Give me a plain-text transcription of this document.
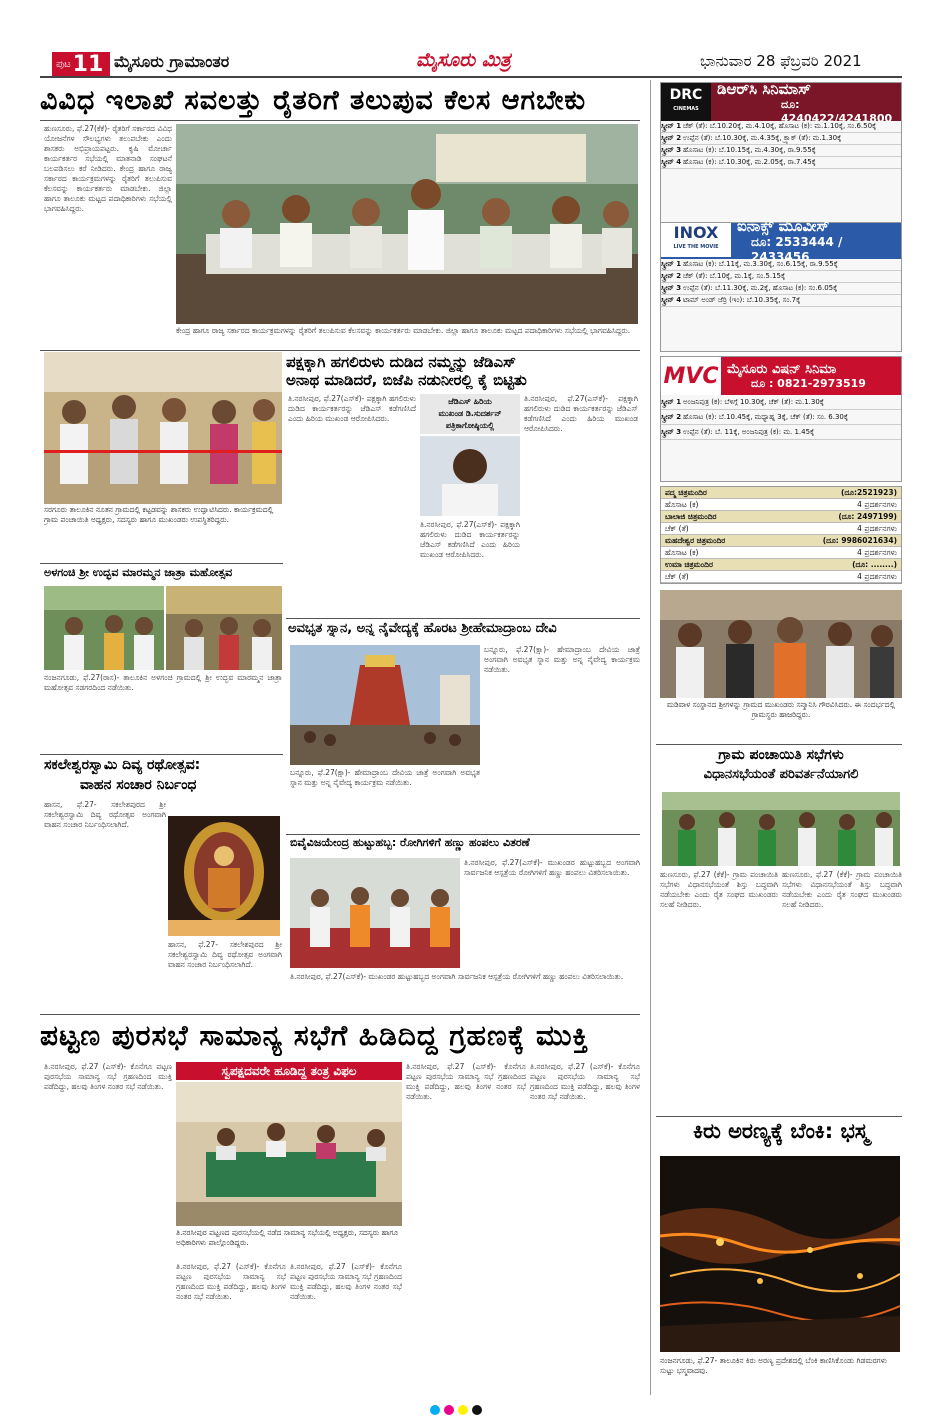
ಪುಟ 11 ಮೈಸೂರು ಗ್ರಾಮಾಂತರ	ಮೈಸೂರು ಮಿತ್ರ	ಭಾನುವಾರ 28 ಫೆಬ್ರವರಿ 2021
ವಿವಿಧ ಇಲಾಖೆ ಸವಲತ್ತು ರೈತರಿಗೆ ತಲುಪುವ ಕೆಲಸ ಆಗಬೇಕು
ಹುಣಸೂರು, ಫೆ.27(ಕೆಕೆ)- ರೈತರಿಗೆ ಸರ್ಕಾರದ ವಿವಿಧ ಯೋಜನೆಗಳ ಸೌಲಭ್ಯಗಳು ತಲುಪಬೇಕು ಎಂದು ಶಾಸಕರು ಅಭಿಪ್ರಾಯಪಟ್ಟರು. ಕೃಷಿ ಮೋರ್ಚಾ ಕಾರ್ಯಕರ್ತರ ಸಭೆಯಲ್ಲಿ ಮಾತನಾಡಿ ಸಂಘಟನೆ ಬಲಪಡಿಸಲು ಕರೆ ನೀಡಿದರು. ಕೇಂದ್ರ ಹಾಗೂ ರಾಜ್ಯ ಸರ್ಕಾರದ ಕಾರ್ಯಕ್ರಮಗಳನ್ನು ರೈತರಿಗೆ ತಲುಪಿಸುವ ಕೆಲಸವನ್ನು ಕಾರ್ಯಕರ್ತರು ಮಾಡಬೇಕು. ಜಿಲ್ಲಾ ಹಾಗೂ ತಾಲೂಕು ಮಟ್ಟದ ಪದಾಧಿಕಾರಿಗಳು ಸಭೆಯಲ್ಲಿ ಭಾಗವಹಿಸಿದ್ದರು.
ಕೇಂದ್ರ ಹಾಗೂ ರಾಜ್ಯ ಸರ್ಕಾರದ ಕಾರ್ಯಕ್ರಮಗಳನ್ನು ರೈತರಿಗೆ ತಲುಪಿಸುವ ಕೆಲಸವನ್ನು ಕಾರ್ಯಕರ್ತರು ಮಾಡಬೇಕು. ಜಿಲ್ಲಾ ಹಾಗೂ ತಾಲೂಕು ಮಟ್ಟದ ಪದಾಧಿಕಾರಿಗಳು ಸಭೆಯಲ್ಲಿ ಭಾಗವಹಿಸಿದ್ದರು.
ಸರಗೂರು ತಾಲೂಕಿನ ನೂತನ ಗ್ರಾಮದಲ್ಲಿ ಕಟ್ಟಡವನ್ನು ಶಾಸಕರು ಉದ್ಘಾಟಿಸಿದರು. ಕಾರ್ಯಕ್ರಮದಲ್ಲಿ ಗ್ರಾಮ ಪಂಚಾಯಿತಿ ಅಧ್ಯಕ್ಷರು, ಸದಸ್ಯರು ಹಾಗೂ ಮುಖಂಡರು ಉಪಸ್ಥಿತರಿದ್ದರು.
ಪಕ್ಷಕ್ಕಾಗಿ ಹಗಲಿರುಳು ದುಡಿದ ನಮ್ಮನ್ನು ಜೆಡಿಎಸ್
ಅನಾಥ ಮಾಡಿದರೆ, ಬಿಜೆಪಿ ನಡುನೀರಲ್ಲಿ ಕೈ ಬಿಟ್ಟಿತು
ತಿ.ನರಸೀಪುರ, ಫೆ.27(ಎಸ್‌ಕೆ)- ಪಕ್ಷಕ್ಕಾಗಿ ಹಗಲಿರುಳು ದುಡಿದ ಕಾರ್ಯಕರ್ತರನ್ನು ಜೆಡಿಎಸ್ ಕಡೆಗಣಿಸಿದೆ ಎಂದು ಹಿರಿಯ ಮುಖಂಡ ಆರೋಪಿಸಿದರು.
ಜೆಡಿಎಸ್ ಹಿರಿಯ
ಮುಖಂಡ ಡಿ.ಸುದರ್ಶನ್
ಪತ್ರಿಕಾಗೋಷ್ಠಿಯಲ್ಲಿ
ತಿ.ನರಸೀಪುರ, ಫೆ.27(ಎಸ್‌ಕೆ)- ಪಕ್ಷಕ್ಕಾಗಿ ಹಗಲಿರುಳು ದುಡಿದ ಕಾರ್ಯಕರ್ತರನ್ನು ಜೆಡಿಎಸ್ ಕಡೆಗಣಿಸಿದೆ ಎಂದು ಹಿರಿಯ ಮುಖಂಡ ಆರೋಪಿಸಿದರು.
ತಿ.ನರಸೀಪುರ, ಫೆ.27(ಎಸ್‌ಕೆ)- ಪಕ್ಷಕ್ಕಾಗಿ ಹಗಲಿರುಳು ದುಡಿದ ಕಾರ್ಯಕರ್ತರನ್ನು ಜೆಡಿಎಸ್ ಕಡೆಗಣಿಸಿದೆ ಎಂದು ಹಿರಿಯ ಮುಖಂಡ ಆರೋಪಿಸಿದರು.
ಅಳಗಂಚಿ ಶ್ರೀ ಉದ್ಭವ ಮಾರಮ್ಮನ ಜಾತ್ರಾ ಮಹೋತ್ಸವ
ನಂಜನಗೂಡು, ಫೆ.27(ರಾಸ)- ತಾಲೂಕಿನ ಅಳಗಂಚಿ ಗ್ರಾಮದಲ್ಲಿ ಶ್ರೀ ಉದ್ಭವ ಮಾರಮ್ಮನ ಜಾತ್ರಾ ಮಹೋತ್ಸವ ಸಡಗರದಿಂದ ನಡೆಯಿತು.
ಸಕಲೇಶ್ವರಸ್ವಾಮಿ ದಿವ್ಯ ರಥೋತ್ಸವ:
ವಾಹನ ಸಂಚಾರ ನಿರ್ಬಂಧ
ಹಾಸನ, ಫೆ.27- ಸಕಲೇಶಪುರದ ಶ್ರೀ ಸಕಲೇಶ್ವರಸ್ವಾಮಿ ದಿವ್ಯ ರಥೋತ್ಸವ ಅಂಗವಾಗಿ ವಾಹನ ಸಂಚಾರ ನಿರ್ಬಂಧಿಸಲಾಗಿದೆ.
ಹಾಸನ, ಫೆ.27- ಸಕಲೇಶಪುರದ ಶ್ರೀ ಸಕಲೇಶ್ವರಸ್ವಾಮಿ ದಿವ್ಯ ರಥೋತ್ಸವ ಅಂಗವಾಗಿ ವಾಹನ ಸಂಚಾರ ನಿರ್ಬಂಧಿಸಲಾಗಿದೆ.
ಅವಭೃತ ಸ್ನಾನ, ಅನ್ನ ನೈವೇದ್ಯಕ್ಕೆ ಹೊರಟ ಶ್ರೀಹೇಮಾದ್ರಾಂಬ ದೇವಿ
ಬನ್ನೂರು, ಫೆ.27(ಕ್ಷಾ)- ಹೇಮಾದ್ರಾಂಬ ದೇವಿಯ ಜಾತ್ರೆ ಅಂಗವಾಗಿ ಅವಭೃತ ಸ್ನಾನ ಮತ್ತು ಅನ್ನ ನೈವೇದ್ಯ ಕಾರ್ಯಕ್ರಮ ನಡೆಯಿತು.
ಬನ್ನೂರು, ಫೆ.27(ಕ್ಷಾ)- ಹೇಮಾದ್ರಾಂಬ ದೇವಿಯ ಜಾತ್ರೆ ಅಂಗವಾಗಿ ಅವಭೃತ ಸ್ನಾನ ಮತ್ತು ಅನ್ನ ನೈವೇದ್ಯ ಕಾರ್ಯಕ್ರಮ ನಡೆಯಿತು.
ಬಿವೈವಿಜಯೇಂದ್ರ ಹುಟ್ಟುಹಬ್ಬ: ರೋಗಿಗಳಿಗೆ ಹಣ್ಣು ಹಂಪಲು ವಿತರಣೆ
ತಿ.ನರಸೀಪುರ, ಫೆ.27(ಎಸ್‌ಕೆ)- ಮುಖಂಡರ ಹುಟ್ಟುಹಬ್ಬದ ಅಂಗವಾಗಿ ಸಾರ್ವಜನಿಕ ಆಸ್ಪತ್ರೆಯ ರೋಗಿಗಳಿಗೆ ಹಣ್ಣು ಹಂಪಲು ವಿತರಿಸಲಾಯಿತು.
ತಿ.ನರಸೀಪುರ, ಫೆ.27(ಎಸ್‌ಕೆ)- ಮುಖಂಡರ ಹುಟ್ಟುಹಬ್ಬದ ಅಂಗವಾಗಿ ಸಾರ್ವಜನಿಕ ಆಸ್ಪತ್ರೆಯ ರೋಗಿಗಳಿಗೆ ಹಣ್ಣು ಹಂಪಲು ವಿತರಿಸಲಾಯಿತು.
ಪಟ್ಟಣ ಪುರಸಭೆ ಸಾಮಾನ್ಯ ಸಭೆಗೆ ಹಿಡಿದಿದ್ದ ಗ್ರಹಣಕ್ಕೆ ಮುಕ್ತಿ
ಸ್ವಪಕ್ಷದವರೇ ಹೂಡಿದ್ದ ತಂತ್ರ ವಿಫಲ
ತಿ.ನರಸೀಪುರ, ಫೆ.27 (ಎಸ್‌ಕೆ)- ಕೊನೆಗೂ ಪಟ್ಟಣ ಪುರಸಭೆಯ ಸಾಮಾನ್ಯ ಸಭೆ ಗ್ರಹಣದಿಂದ ಮುಕ್ತಿ ಪಡೆದಿದ್ದು, ಹಲವು ತಿಂಗಳ ನಂತರ ಸಭೆ ನಡೆಯಿತು.
ತಿ.ನರಸೀಪುರ ಪಟ್ಟಣದ ಪುರಸಭೆಯಲ್ಲಿ ನಡೆದ ಸಾಮಾನ್ಯ ಸಭೆಯಲ್ಲಿ ಅಧ್ಯಕ್ಷರು, ಸದಸ್ಯರು ಹಾಗೂ ಅಧಿಕಾರಿಗಳು ಪಾಲ್ಗೊಂಡಿದ್ದರು.
ತಿ.ನರಸೀಪುರ, ಫೆ.27 (ಎಸ್‌ಕೆ)- ಕೊನೆಗೂ ಪಟ್ಟಣ ಪುರಸಭೆಯ ಸಾಮಾನ್ಯ ಸಭೆ ಗ್ರಹಣದಿಂದ ಮುಕ್ತಿ ಪಡೆದಿದ್ದು, ಹಲವು ತಿಂಗಳ ನಂತರ ಸಭೆ ನಡೆಯಿತು.
ತಿ.ನರಸೀಪುರ, ಫೆ.27 (ಎಸ್‌ಕೆ)- ಕೊನೆಗೂ ಪಟ್ಟಣ ಪುರಸಭೆಯ ಸಾಮಾನ್ಯ ಸಭೆ ಗ್ರಹಣದಿಂದ ಮುಕ್ತಿ ಪಡೆದಿದ್ದು, ಹಲವು ತಿಂಗಳ ನಂತರ ಸಭೆ ನಡೆಯಿತು.
ತಿ.ನರಸೀಪುರ, ಫೆ.27 (ಎಸ್‌ಕೆ)- ಕೊನೆಗೂ ಪಟ್ಟಣ ಪುರಸಭೆಯ ಸಾಮಾನ್ಯ ಸಭೆ ಗ್ರಹಣದಿಂದ ಮುಕ್ತಿ ಪಡೆದಿದ್ದು, ಹಲವು ತಿಂಗಳ ನಂತರ ಸಭೆ ನಡೆಯಿತು.
ತಿ.ನರಸೀಪುರ, ಫೆ.27 (ಎಸ್‌ಕೆ)- ಕೊನೆಗೂ ಪಟ್ಟಣ ಪುರಸಭೆಯ ಸಾಮಾನ್ಯ ಸಭೆ ಗ್ರಹಣದಿಂದ ಮುಕ್ತಿ ಪಡೆದಿದ್ದು, ಹಲವು ತಿಂಗಳ ನಂತರ ಸಭೆ ನಡೆಯಿತು.
DRC
CINEMAS
ಡಿಆರ್‌ಸಿ ಸಿನಿಮಾಸ್
ದೂ: 4240422/4241800
ಸ್ಕ್ರೀನ್ 1 ಚೆಕ್ (ತೆ): ಬೆ.10.20ಕ್ಕೆ, ಮ.4.10ಕ್ಕೆ, ಹೊಸಾಟ (ಕ): ಮ.1.10ಕ್ಕೆ, ಸಂ.6.50ಕ್ಕೆ
ಸ್ಕ್ರೀನ್ 2 ಉಪ್ಪೆನ (ತೆ): ಬೆ.10.30ಕ್ಕೆ, ಮ.4.35ಕ್ಕೆ, ಕ್ರ್ಯಾಕ್ (ತೆ): ಮ.1.30ಕ್ಕೆ
ಸ್ಕ್ರೀನ್ 3 ಹೊಸಾಟ (ಕ): ಬೆ.10.15ಕ್ಕೆ, ಮ.4.30ಕ್ಕೆ, ರಾ.9.55ಕ್ಕೆ
ಸ್ಕ್ರೀನ್ 4 ಹೊಸಾಟ (ಕ): ಬೆ.10.30ಕ್ಕೆ, ಮ.2.05ಕ್ಕೆ, ರಾ.7.45ಕ್ಕೆ
INOX
LIVE THE MOVIE
ಐನಾಕ್ಸ್ ಮೂವೀಸ್
ದೂ: 2533444 / 2433456
ಸ್ಕ್ರೀನ್ 1 ಹೊಸಾಟ (ಕ): ಬೆ.11ಕ್ಕೆ, ಮ.3.30ಕ್ಕೆ, ಸಂ.6.15ಕ್ಕೆ, ರಾ.9.55ಕ್ಕೆ
ಸ್ಕ್ರೀನ್ 2 ಚೆಕ್ (ತೆ): ಬೆ.10ಕ್ಕೆ, ಮ.1ಕ್ಕೆ, ಸಂ.5.15ಕ್ಕೆ
ಸ್ಕ್ರೀನ್ 3 ಉಪ್ಪೆನ (ತೆ): ಬೆ.11.30ಕ್ಕೆ, ಮ.2ಕ್ಕೆ, ಹೊಸಾಟ (ಕ): ಸಂ.6.05ಕ್ಕೆ
ಸ್ಕ್ರೀನ್ 4 ಟಾಮ್ ಅಂಡ್ ಜೆರ್ರಿ (ಇಂ): ಬೆ.10.35ಕ್ಕೆ, ಸಂ.7ಕ್ಕೆ
MVC ಮೈಸೂರು ವಿಷನ್ ಸಿನಿಮಾ
ದೂ : 0821-2973519
ಸ್ಕ್ರೀನ್ 1 ಅಂಜನಿಪುತ್ರ (ಕ): ಬೆಳಿಗ್ಗೆ 10.30ಕ್ಕೆ, ಚೆಕ್ (ತೆ): ಮ.1.30ಕ್ಕೆ
ಸ್ಕ್ರೀನ್ 2 ಹೊಸಾಟ (ಕ): ಬೆ.10.45ಕ್ಕೆ, ಮಧ್ಯಾಹ್ನ 3ಕ್ಕೆ, ಚೆಕ್ (ತೆ): ಸಂ. 6.30ಕ್ಕೆ
ಸ್ಕ್ರೀನ್ 3 ಉಪ್ಪೆನ (ತೆ): ಬೆ. 11ಕ್ಕೆ, ಅಂಜನಿಪುತ್ರ (ಕ): ಮ. 1.45ಕ್ಕೆ
ಪದ್ಮ ಚಿತ್ರಮಂದಿರ	(ದೂ:2521923)
ಹೊಸಾಟ (ಕ)	4 ಪ್ರದರ್ಶನಗಳು
ಬಾಲಾಜಿ ಚಿತ್ರಮಂದಿರ	(ದೂ: 2497199)
ಚೆಕ್ (ತೆ)	4 ಪ್ರದರ್ಶನಗಳು
ಮಹದೇಶ್ವರ ಚಿತ್ರಮಂದಿರ	(ದೂ: 9986021634)
ಹೊಸಾಟ (ಕ)	4 ಪ್ರದರ್ಶನಗಳು
ಉಮಾ ಚಿತ್ರಮಂದಿರ	(ದೂ: ........)
ಚೆಕ್ (ತೆ)	4 ಪ್ರದರ್ಶನಗಳು
ಮಡಿವಾಳ ಸಂಸ್ಥಾನದ ಶ್ರೀಗಳನ್ನು ಗ್ರಾಮದ ಮುಖಂಡರು ಸನ್ಮಾನಿಸಿ ಗೌರವಿಸಿದರು. ಈ ಸಂದರ್ಭದಲ್ಲಿ ಗ್ರಾಮಸ್ಥರು ಹಾಜರಿದ್ದರು.
ಗ್ರಾಮ ಪಂಚಾಯಿತಿ ಸಭೆಗಳು
ವಿಧಾನಸಭೆಯಂತೆ ಪರಿವರ್ತನೆಯಾಗಲಿ
ಹುಣಸೂರು, ಫೆ.27 (ಕೆಕೆ)- ಗ್ರಾಮ ಪಂಚಾಯಿತಿ ಸಭೆಗಳು ವಿಧಾನಸಭೆಯಂತೆ ಶಿಸ್ತು ಬದ್ಧವಾಗಿ ನಡೆಯಬೇಕು ಎಂದು ರೈತ ಸಂಘದ ಮುಖಂಡರು ಸಲಹೆ ನೀಡಿದರು.
ಹುಣಸೂರು, ಫೆ.27 (ಕೆಕೆ)- ಗ್ರಾಮ ಪಂಚಾಯಿತಿ ಸಭೆಗಳು ವಿಧಾನಸಭೆಯಂತೆ ಶಿಸ್ತು ಬದ್ಧವಾಗಿ ನಡೆಯಬೇಕು ಎಂದು ರೈತ ಸಂಘದ ಮುಖಂಡರು ಸಲಹೆ ನೀಡಿದರು.
ಕಿರು ಅರಣ್ಯಕ್ಕೆ ಬೆಂಕಿ: ಭಸ್ಮ
ನಂಜನಗೂಡು, ಫೆ.27- ತಾಲೂಕಿನ ಕಿರು ಅರಣ್ಯ ಪ್ರದೇಶದಲ್ಲಿ ಬೆಂಕಿ ಕಾಣಿಸಿಕೊಂಡು ಗಿಡಮರಗಳು ಸುಟ್ಟು ಭಸ್ಮವಾದವು.
